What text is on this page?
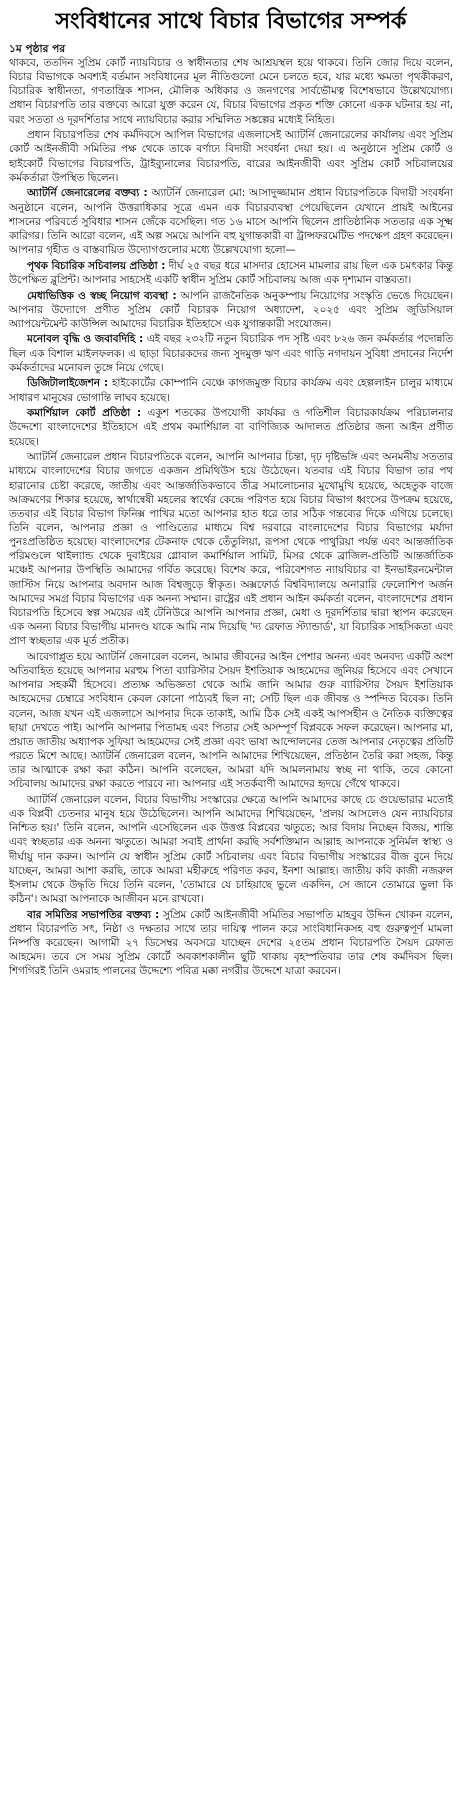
সংবিধানের সাথে বিচার বিভাগের সম্পর্ক

১ম পৃষ্ঠার পর

থাকবে, ততদিন সুপ্রিম কোর্ট ন্যায়বিচার ও স্বাধীনতার শেষ আশ্রয়স্থল হয়ে থাকবে। তিনি জোর দিয়ে বলেন, বিচার বিভাগকে অবশ্যই বর্তমান সংবিধানের মূল নীতিগুলো মেনে চলতে হবে, যার মধ্যে ক্ষমতা পৃথকীকরণ, বিচারিক স্বাধীনতা, গণতান্ত্রিক শাসন, মৌলিক অধিকার ও জনগণের সার্বভৌমত্ব বিশেষভাবে উল্লেখযোগ্য। প্রধান বিচারপতি তার বক্তব্যে আরো যুক্ত করেন যে, বিচার বিভাগের প্রকৃত শক্তি কোনো একক ঘটনার হয় না, বরং সততা ও দূরদর্শিতার সাথে ন্যায়বিচার করার সম্মিলিত সঙ্কল্পের মধ্যেই নিহিত।

প্রধান বিচারপতির শেষ কর্মদিবসে আপিল বিভাগের এজলাসেই অ্যাটর্নি জেনারেলের কার্যালয় এবং সুপ্রিম কোর্ট আইনজীবী সমিতির পক্ষ থেকে তাকে বর্ণাঢ্য বিদায়ী সংবর্ধনা দেয়া হয়। এ অনুষ্ঠানে সুপ্রিম কোর্ট ও হাইকোর্ট বিভাগের বিচারপতি, ট্রাইব্যুনালের বিচারপতি, বারের আইনজীবী এবং সুপ্রিম কোর্ট সচিবালয়ের কর্মকর্তারা উপস্থিত ছিলেন।

অ্যাটর্নি জেনারেলের বক্তব্য : অ্যাটর্নি জেনারেল মো: আসাদুজ্জামান প্রধান বিচারপতিকে বিদায়ী সংবর্ধনা অনুষ্ঠানে বলেন, আপনি উত্তরাধিকার সূত্রে এমন এক বিচারব্যবস্থা পেয়েছিলেন যেখানে প্রায়ই আইনের শাসনের পরিবর্তে সুবিধার শাসন জেঁকে বসেছিল। গত ১৬ মাসে আপনি ছিলেন প্রাতিষ্ঠানিক সততার এক সূক্ষ্ম কারিগর। তিনি আরো বলেন, এই অল্প সময়ে আপনি বহু যুগান্তকারী বা ট্রান্সফরমেটিভ পদক্ষেপ গ্রহণ করেছেন। আপনার গৃহীত ও বাস্তবায়িত উদ্যোগগুলোর মধ্যে উল্লেখযোগ্য হলো—

পৃথক বিচারিক সচিবালয় প্রতিষ্ঠা : দীর্ঘ ২৫ বছর ধরে মাসদার হোসেন মামলার রায় ছিল এক চমৎকার কিন্তু উপেক্ষিত ব্লুপ্রিন্ট। আপনার সাহসেই একটি স্বাধীন সুপ্রিম কোর্ট সচিবালয় আজ এক দৃশ্যমান বাস্তবতা।

মেধাভিত্তিক ও স্বচ্ছ নিয়োগ ব্যবস্থা : আপনি রাজনৈতিক অনুকম্পায় নিয়োগের সংস্কৃতি ভেঙে দিয়েছেন। আপনার উদ্যোগে প্রণীত সুপ্রিম কোর্ট বিচারক নিয়োগ অধ্যাদেশ, ২০২৫ এবং সুপ্রিম জুডিসিয়াল অ্যাপয়েন্টমেন্ট কাউন্সিল আমাদের বিচারিক ইতিহাসে এক যুগান্তকারী সংযোজন।

মনোবল বৃদ্ধি ও জবাবদিহি : এই বছর ২৩২টি নতুন বিচারিক পদ সৃষ্টি এবং ৮২৬ জন কর্মকর্তার পদোন্নতি ছিল এক বিশাল মাইলফলক। এ ছাড়া বিচারকদের জন্য সুদমুক্ত ঋণ এবং গাড়ি নগদায়ন সুবিধা প্রদানের নির্দেশ কর্মকর্তাদের মনোবল তুঙ্গে নিয়ে গেছে।

ডিজিটালাইজেশন : হাইকোর্টের কোম্পানি বেঞ্চে কাগজমুক্ত বিচার কার্যক্রম এবং হেল্পলাইন চালুর মাধ্যমে সাধারণ মানুষের ভোগান্তি লাঘব হয়েছে।

কমার্শিয়াল কোর্ট প্রতিষ্ঠা : একুশ শতকের উপযোগী কার্যকর ও গতিশীল বিচারকার্যক্রম পরিচালনার উদ্দেশ্যে বাংলাদেশের ইতিহাসে এই প্রথম কমার্শিয়াল বা বাণিজ্যিক আদালত প্রতিষ্ঠার জন্য আইন প্রণীত হয়েছে।

অ্যাটর্নি জেনারেল প্রধান বিচারপতিকে বলেন, আপনি আপনার চিন্তা, দৃঢ় দৃষ্টিভঙ্গি এবং অনমনীয় সততার মাধ্যমে বাংলাদেশের বিচার জগতে একজন প্রমিথিউস হয়ে উঠেছেন। যতবার এই বিচার বিভাগ তার পথ হারানোর চেষ্টা করেছে, জাতীয় এবং আন্তর্জাতিকভাবে তীব্র সমালোচনার মুখোমুখি হয়েছে, অহেতুক বাজে আক্রমণের শিকার হয়েছে, স্বার্থান্বেষী মহলের স্বার্থের কেন্দ্রে পরিণত হয়ে বিচার বিভাগ ধ্বংসের উপক্রম হয়েছে, ততবার এই বিচার বিভাগ ফিনিক্স পাখির মতো আপনার হাত ধরে তার সঠিক গন্তব্যের দিকে এগিয়ে চলেছে। তিনি বলেন, আপনার প্রজ্ঞা ও পাণ্ডিত্যের মাধ্যমে বিশ্ব দরবারে বাংলাদেশের বিচার বিভাগের মর্যাদা পুনঃপ্রতিষ্ঠিত হয়েছে। বাংলাদেশের টেকনাফ থেকে তেঁতুলিয়া, রূপসা থেকে পাথুরিয়া পর্যন্ত এবং আন্তর্জাতিক পরিমণ্ডলে থাইল্যান্ড থেকে দুবাইয়ের গ্লোবাল কমার্শিয়াল সামিট, মিসর থেকে ব্রাজিল-প্রতিটি আন্তর্জাতিক মঞ্চেই আপনার উপস্থিতি আমাদের গর্বিত করেছে। বিশেষ করে, পরিবেশগত ন্যায়বিচার বা ইনভাইরনমেন্টাল জাস্টিস নিয়ে আপনার অবদান আজ বিশ্বজুড়ে স্বীকৃত। অক্সফোর্ড বিশ্ববিদ্যালয়ে অনারারি ফেলোশিপ অর্জন আমাদের সমগ্র বিচার বিভাগের এক অনন্য সম্মান। রাষ্ট্রের এই প্রধান আইন কর্মকর্তা বলেন, বাংলাদেশের প্রধান বিচারপতি হিসেবে স্বল্প সময়ের এই টেনিউরে আপনি আপনার প্রজ্ঞা, মেধা ও দূরদর্শিতার দ্বারা স্থাপন করেছেন এক অনন্য বিচার বিভাগীয় মানদণ্ড যাকে আমি নাম দিয়েছি 'দ্য রেফাত স্ট্যান্ডার্ড', যা বিচারিক সাহসিকতা এবং প্রাণ স্বচ্ছতার এক মূর্ত প্রতীক।

আবেগাপ্লুত হয়ে অ্যাটর্নি জেনারেল বলেন, আমার জীবনের আইন পেশার অনন্য এবং অনবদ্য একটি অংশ অতিবাহিত হয়েছে আপনার মরহুম পিতা ব্যারিস্টার সৈয়দ ইশতিয়াক আহমেদের জুনিয়র হিসেবে এবং সেখানে আপনার সহকর্মী হিসেবে। প্রত্যক্ষ অভিজ্ঞতা থেকে আমি জানি আমার গুরু ব্যারিস্টার সৈয়দ ইশতিয়াক আহমেদের চেম্বারে সংবিধান কেবল কোনো পাঠ্যবই ছিল না; সেটি ছিল এক জীবন্ত ও স্পন্দিত বিবেক। তিনি বলেন, আজ যখন এই এজলাসে আপনার দিকে তাকাই, আমি ঠিক সেই একই আপসহীন ও নৈতিক ব্যক্তিত্বের ছায়া দেখতে পাই। আপনি আপনার পিতামহ এবং পিতার সেই অসম্পূর্ণ বিপ্লবকে সফল করেছেন। আপনার মা, প্রয়াত জাতীয় অধ্যাপক সুফিয়া আহমেদের সেই প্রজ্ঞা এবং ভাষা আন্দোলনের তেজ আপনার নেতৃত্বের প্রতিটি পরতে মিশে আছে। অ্যাটর্নি জেনারেল বলেন, আপনি আমাদের শিখিয়েছেন, প্রতিষ্ঠান তৈরি করা সহজ, কিন্তু তার আত্মাকে রক্ষা করা কঠিন। আপনি বলেছেন, আমরা যদি আমলনামায় স্বচ্ছ না থাকি, তবে কোনো সচিবালয় আমাদের রক্ষা করতে পারবে না। আপনার এই সতর্কবাণী আমাদের হৃদয়ে গেঁথে থাকবে।

অ্যাটর্নি জেনারেল বলেন, বিচার বিভাগীয় সংস্কারের ক্ষেত্রে আপনি আমাদের কাছে চে গুয়েভারার মতোই এক বিপ্লবী চেতনার মানুষ হয়ে উঠেছিলেন। আপনি আমাদের শিখিয়েছেন, 'প্রলয় আসলেও যেন ন্যায়বিচার নিশ্চিত হয়।' তিনি বলেন, আপনি এসেছিলেন এক উত্তপ্ত বিপ্লবের ঋতুতে; আর বিদায় নিচ্ছেন বিজয়, শান্তি এবং স্বচ্ছতার এক অনন্য ঋতুতে। আমরা সবাই প্রার্থনা করছি সর্বশক্তিমান আল্লাহ আপনাকে সুনির্মল স্বাস্থ্য ও দীর্ঘায়ু দান করুন। আপনি যে স্বাধীন সুপ্রিম কোর্ট সচিবালয় এবং বিচার বিভাগীয় সংস্কারের বীজ বুনে দিয়ে যাচ্ছেন, আমরা আশা করছি, তাকে আমরা মহীরুহে পরিণত করব, ইনশা আল্লাহ। জাতীয় কবি কাজী নজরুল ইসলাম থেকে উদ্ধৃতি দিয়ে তিনি বলেন, 'তোমারে যে চাহিয়াছে ভুলে একদিন, সে জানে তোমারে ভুলা কি কঠিন'। আমরা আপনাকে আজীবন মনে রাখবো।

বার সমিতির সভাপতির বক্তব্য : সুপ্রিম কোর্ট আইনজীবী সমিতির সভাপতি মাহবুব উদ্দিন খোকন বলেন, প্রধান বিচারপতি সৎ, নিষ্ঠা ও দক্ষতার সাথে তার দায়িত্ব পালন করে সাংবিধানিকসহ বহু গুরুত্বপূর্ণ মামলা নিষ্পত্তি করেছেন। আগামী ২৭ ডিসেম্বর অবসরে যাচ্ছেন দেশের ২৫তম প্রধান বিচারপতি সৈয়দ রেফাত আহমেদ। তবে সে সময় সুপ্রিম কোর্টে অবকাশকালীন ছুটি থাকায় বৃহস্পতিবার তার শেষ কর্মদিবস ছিল। শিগগিরই তিনি ওমরাহ পালনের উদ্দেশ্যে পবিত্র মক্কা নগরীর উদ্দেশে যাত্রা করবেন।
